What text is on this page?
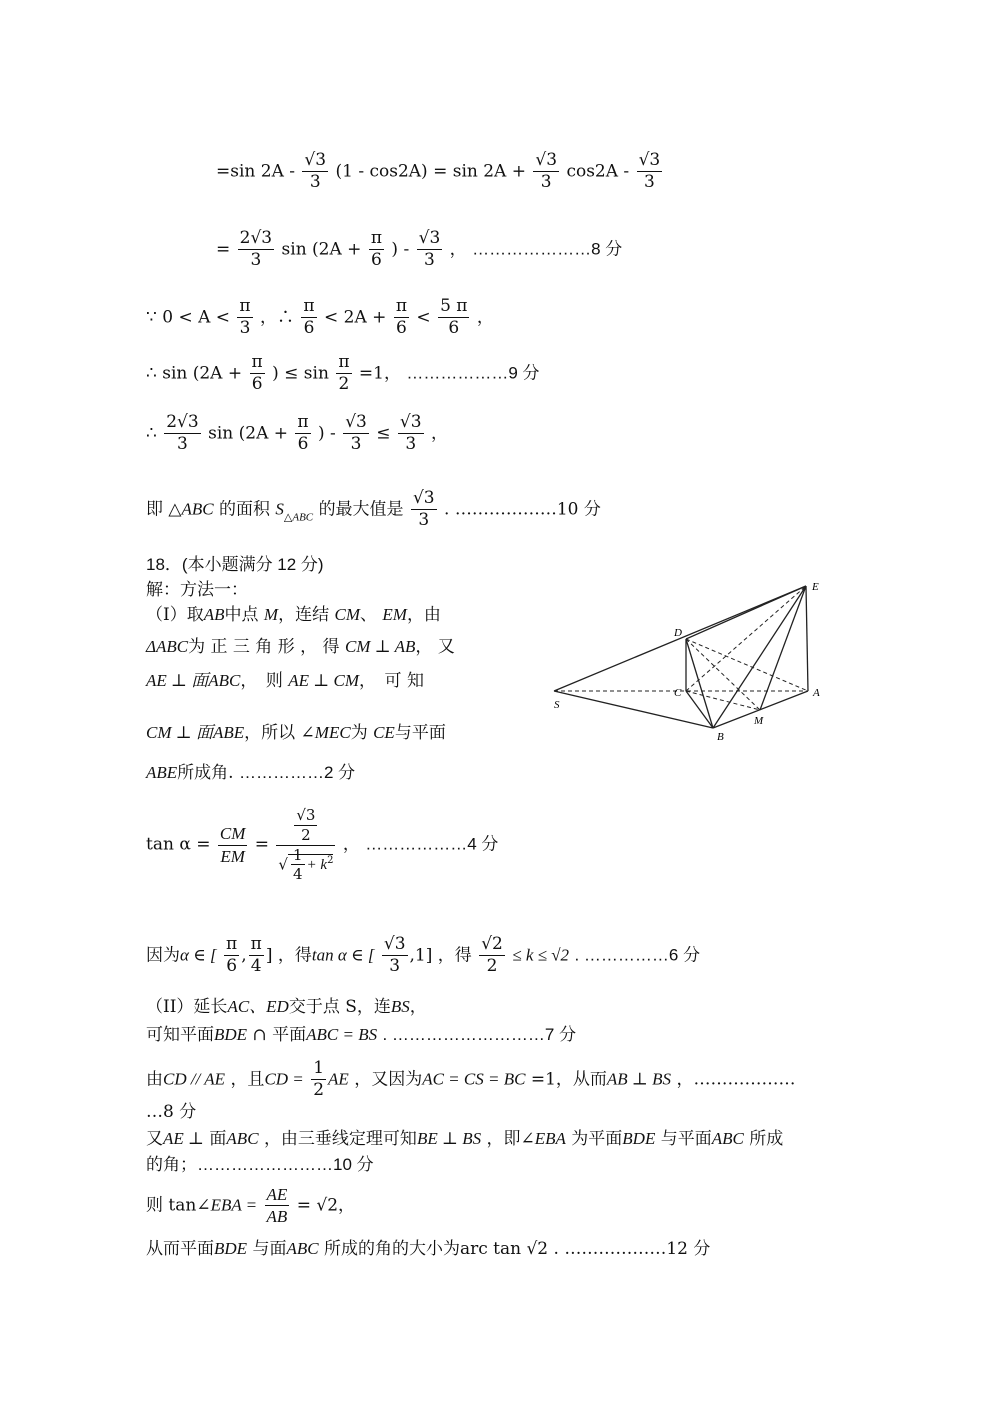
=sin $2A - \frac{√3}{3} (1 - \cos 2A) = \sin 2A + \frac{√3}{3} \cos 2A - \frac{√3}{3}$
= $\frac{2√3}{3}$ $\sin (2A + \frac{\pi}{6}$ ) - $\frac{√3}{3}$ ， …………………8 分
∵ $0 < A < \frac{\pi}{3}$ ，∴ $\frac{\pi}{6} < 2A + \frac{\pi}{6} < \frac{5 \pi}{6}$ ，
∴ $\sin (2A + \frac{\pi}{6}$ ) ≤ $\sin \frac{\pi}{2} =1$， ………………9 分
∴ $\frac{2√3}{3}$ $\sin (2A + \frac{\pi}{6}$ ) - $\frac{√3}{3} \le \frac{√3}{3}$ ，
即 △ABC 的面积 $S_{\triangle ABC}$ 的最大值是 $\frac{√3}{3}$ . ………………10 分
18．(本小题满分 12 分)
解：方法一：
（Ⅰ）取AB中点 M，连结 CM、 EM，由
ΔABC为 正 三 角 形 ， 得 CM ⊥ AB， 又
AE ⊥ 面ABC，　则 AE ⊥ CM，　可 知
CM ⊥ 面ABE，所以 ∠MEC为 CE与平面
ABE所成角. ……………2 分
$\tan \alpha = \frac{CM}{EM} = \frac{\frac{√3}{2}}{√ \frac{1}{4} + k^2}$ ， ………………4 分
因为α ∈ [ $\frac{\pi}{6}$ , $\frac{\pi}{4}$ ] ，得tan α ∈ [ $\frac{√3}{3} ,1$] ，得 $\frac{√2}{2} \le k \le √2$ . ……………6 分
（II）延长AC、ED交于点 S，连BS，
可知平面BDE ∩ 平面ABC = BS . ………………………7 分
由CD // AE ，且CD = $\frac{1}{2}$ AE ，又因为AC = CS = BC =1，从而AB ⊥ BS ，………………
…8 分
又AE ⊥ 面ABC ，由三垂线定理可知BE ⊥ BS ，即∠EBA 为平面BDE 与平面ABC 所成
的角；……………………10 分
则 tan∠EBA = $\frac{AE}{AB} = √2$，
从而平面BDE 与面ABC 所成的角的大小为arc tan √2 . ………………12 分
E
D
C	A
S
B
M
